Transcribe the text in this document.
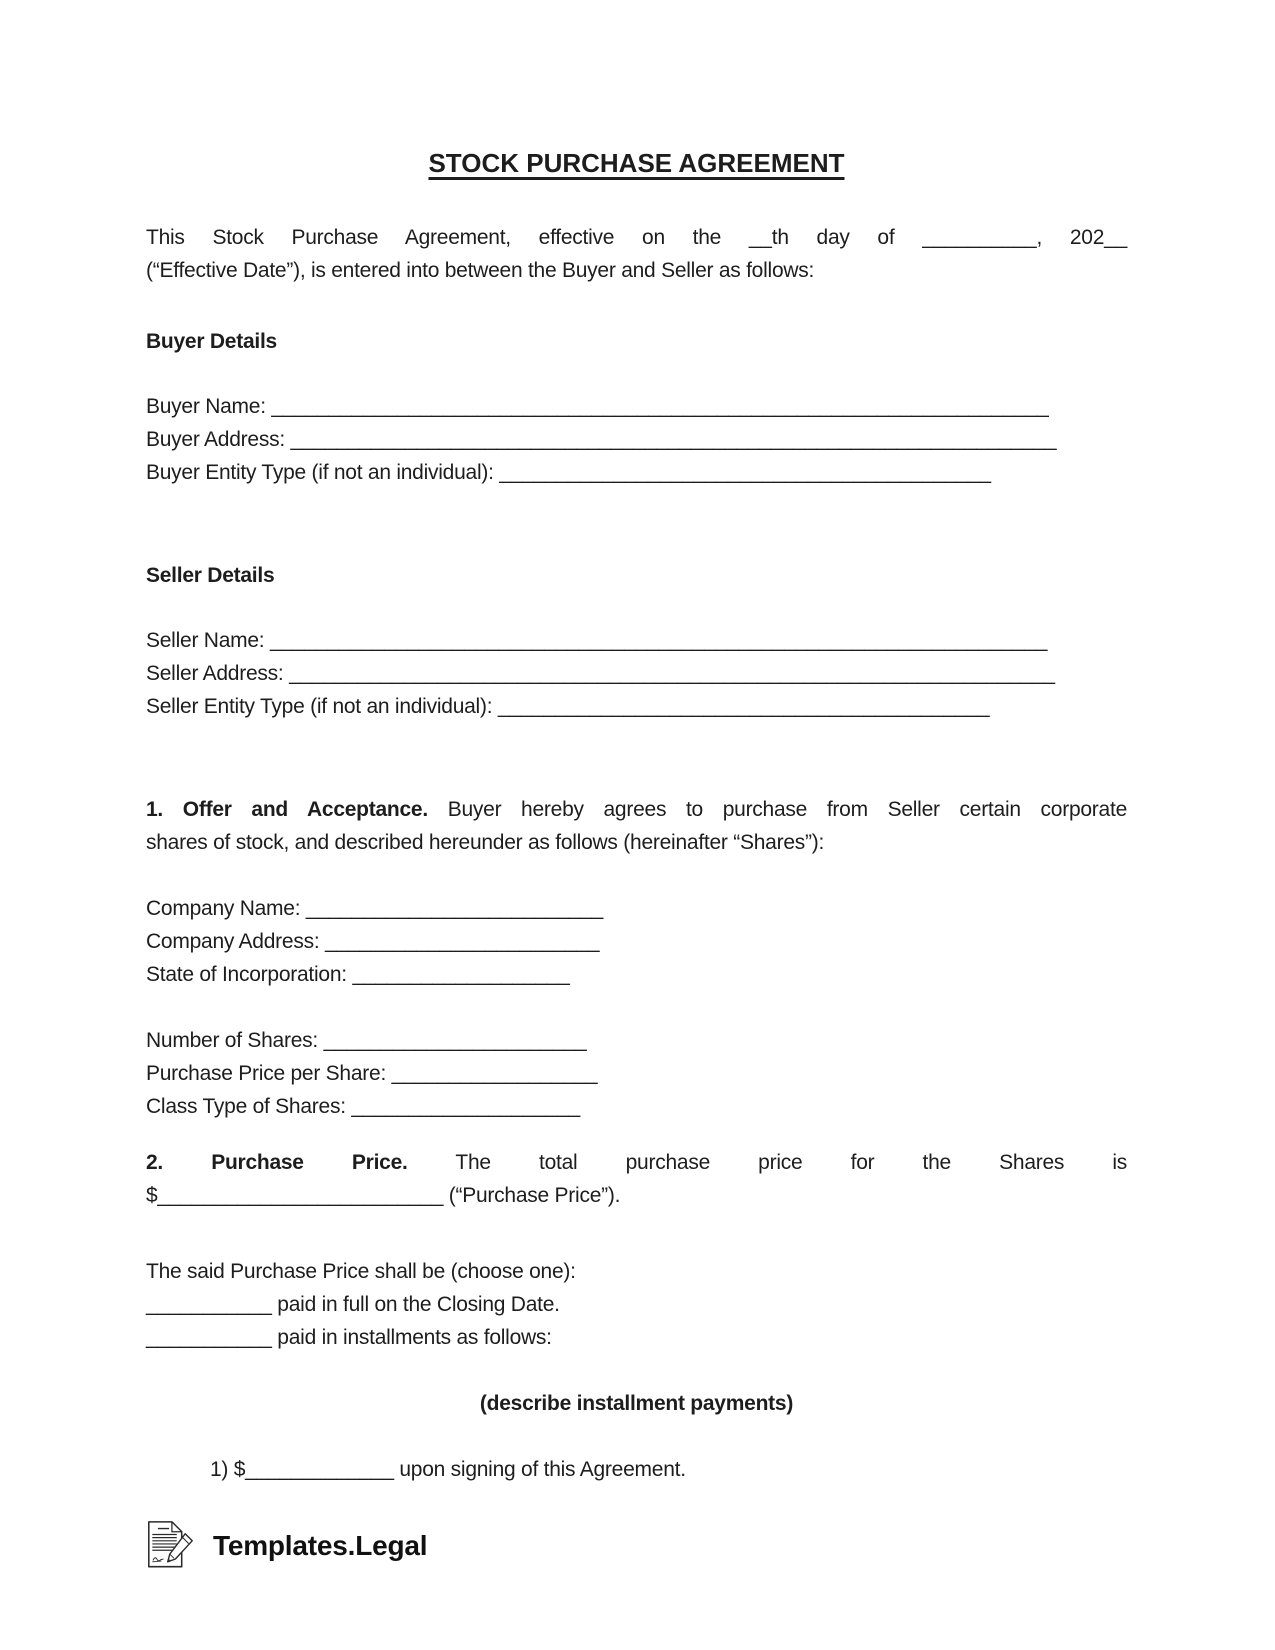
STOCK PURCHASE AGREEMENT
This Stock Purchase Agreement, effective on the __th day of __________, 202__
(“Effective Date”), is entered into between the Buyer and Seller as follows:
Buyer Details
Buyer Name: ____________________________________________________________________
Buyer Address: ___________________________________________________________________
Buyer Entity Type (if not an individual): ___________________________________________
Seller Details
Seller Name: ____________________________________________________________________
Seller Address: ___________________________________________________________________
Seller Entity Type (if not an individual): ___________________________________________
1. Offer and Acceptance. Buyer hereby agrees to purchase from Seller certain corporate
shares of stock, and described hereunder as follows (hereinafter “Shares”):
Company Name: __________________________
Company Address: ________________________
State of Incorporation: ___________________
Number of Shares: _______________________
Purchase Price per Share: __________________
Class Type of Shares: ____________________
2. Purchase Price. The total purchase price for the Shares is
$_________________________ (“Purchase Price”).
The said Purchase Price shall be (choose one):
___________ paid in full on the Closing Date.
___________ paid in installments as follows:
(describe installment payments)
1) $_____________ upon signing of this Agreement.
Templates.Legal
